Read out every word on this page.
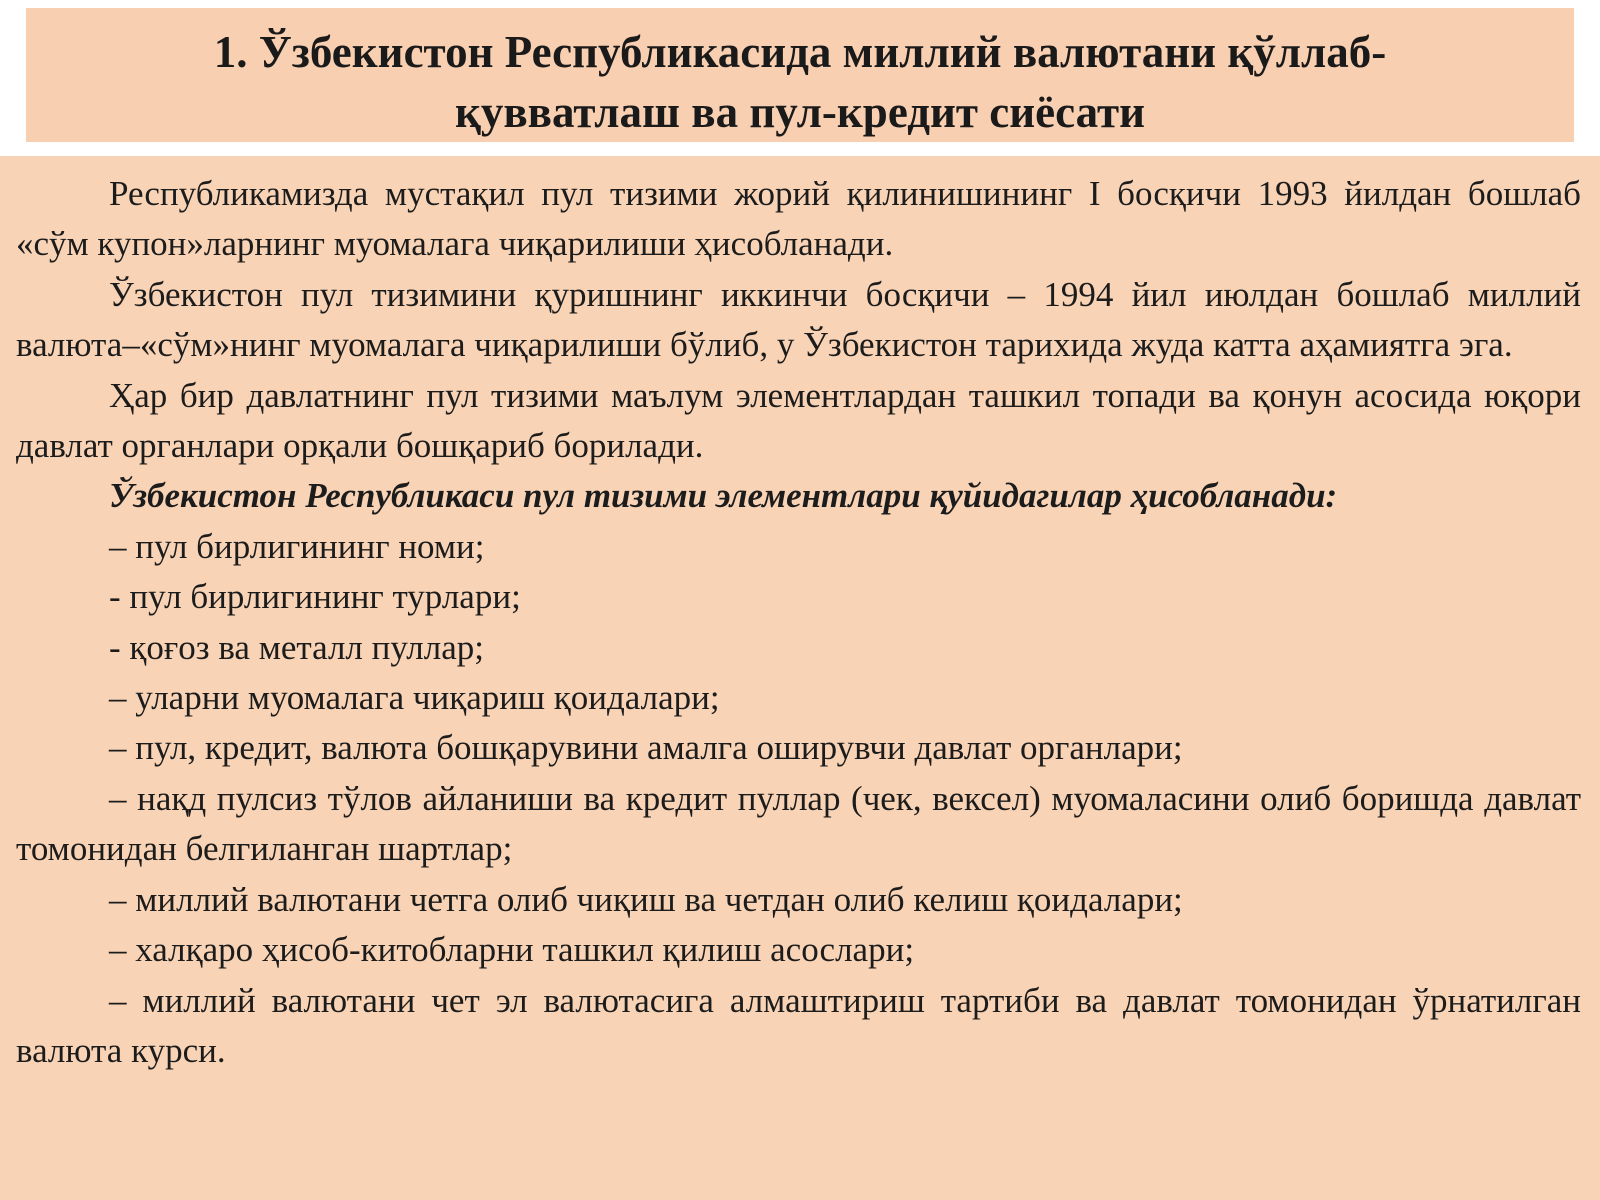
1. Ўзбекистон Республикасида миллий валютани қўллаб-
қувватлаш ва пул-кредит сиёсати

Республикамизда мустақил пул тизими жорий қилинишининг I босқичи 1993 йилдан бошлаб «сўм купон»ларнинг муомалага чиқарилиши ҳисобланади.

Ўзбекистон пул тизимини қуришнинг иккинчи босқичи – 1994 йил июлдан бошлаб миллий валюта–«сўм»нинг муомалага чиқарилиши бўлиб, у Ўзбекистон тарихида жуда катта аҳамиятга эга.

Ҳар бир давлатнинг пул тизими маълум элементлардан ташкил топади ва қонун асосида юқори давлат органлари орқали бошқариб борилади.

Ўзбекистон Республикаси пул тизими элементлари қуйидагилар ҳисобланади:

– пул бирлигининг номи;

- пул бирлигининг турлари;

- қоғоз ва металл пуллар;

– уларни муомалага чиқариш қоидалари;

– пул, кредит, валюта бошқарувини амалга оширувчи давлат органлари;

– нақд пулсиз тўлов айланиши ва кредит пуллар (чек, вексел) муомаласини олиб боришда давлат томонидан белгиланган шартлар;

– миллий валютани четга олиб чиқиш ва четдан олиб келиш қоидалари;

– халқаро ҳисоб-китобларни ташкил қилиш асослари;

– миллий валютани чет эл валютасига алмаштириш тартиби ва давлат томонидан ўрнатилган валюта курси.
